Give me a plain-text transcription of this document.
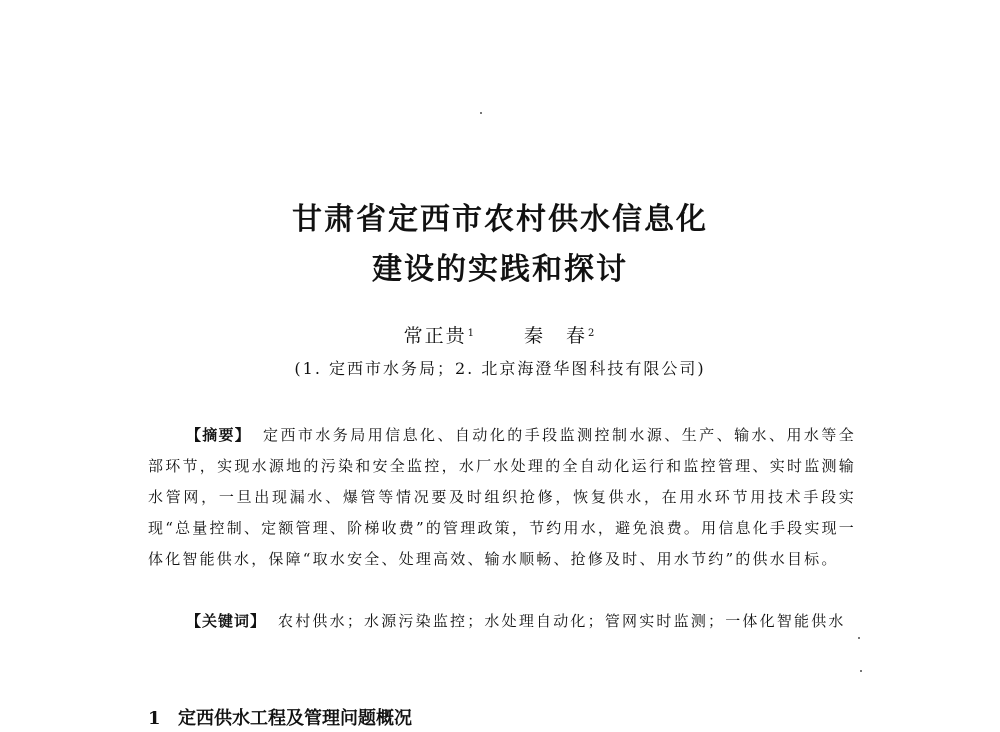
甘肃省定西市农村供水信息化
建设的实践和探讨
常正贵$^1$	秦　春$^2$
(1. 定西市水务局；2. 北京海澄华图科技有限公司)

【摘要】 定西市水务局用信息化、自动化的手段监测控制水源、生产、输水、用水等全部环节，实现水源地的污染和安全监控，水厂水处理的全自动化运行和监控管理、实时监测输水管网，一旦出现漏水、爆管等情况要及时组织抢修，恢复供水，在用水环节用技术手段实现“总量控制、定额管理、阶梯收费”的管理政策，节约用水，避免浪费。用信息化手段实现一体化智能供水，保障“取水安全、处理高效、输水顺畅、抢修及时、用水节约”的供水目标。

【关键词】 农村供水；水源污染监控；水处理自动化；管网实时监测；一体化智能供水

1 定西供水工程及管理问题概况
